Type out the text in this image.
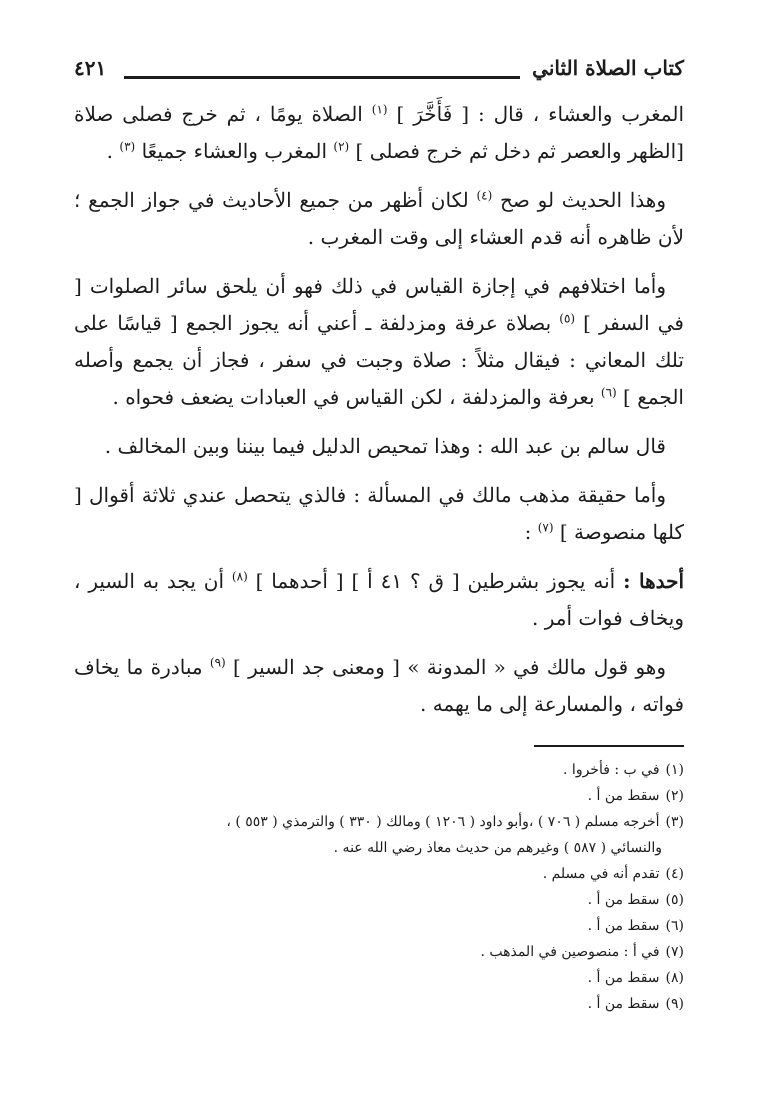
كتاب الصلاة الثاني
٤٢١

المغرب والعشاء ، قال : [ فَأَخَّرَ ] $^{(١)}$ الصلاة يومًا ، ثم خرج فصلى صلاة [الظهر والعصر ثم دخل ثم خرج فصلى ] $^{(٢)}$ المغرب والعشاء جميعًا $^{(٣)}$ .

وهذا الحديث لو صح $^{(٤)}$ لكان أظهر من جميع الأحاديث في جواز الجمع ؛ لأن ظاهره أنه قدم العشاء إلى وقت المغرب .

وأما اختلافهم في إجازة القياس في ذلك فهو أن يلحق سائر الصلوات [ في السفر ] $^{(٥)}$ بصلاة عرفة ومزدلفة ـ أعني أنه يجوز الجمع [ قياسًا على تلك المعاني : فيقال مثلاً : صلاة وجبت في سفر ، فجاز أن يجمع وأصله الجمع ] $^{(٦)}$ بعرفة والمزدلفة ، لكن القياس في العبادات يضعف فحواه .

قال سالم بن عبد الله : وهذا تمحيص الدليل فيما بيننا وبين المخالف .

وأما حقيقة مذهب مالك في المسألة : فالذي يتحصل عندي ثلاثة أقوال [ كلها منصوصة ] $^{(٧)}$ :

أحدها : أنه يجوز بشرطين [ ق ؟ ٤١ أ ] [ أحدهما ] $^{(٨)}$ أن يجد به السير ، ويخاف فوات أمر .

وهو قول مالك في « المدونة » [ ومعنى جد السير ] $^{(٩)}$ مبادرة ما يخاف فواته ، والمسارعة إلى ما يهمه .

(١)في ب : فأخروا .

(٢)سقط من أ .

(٣)أخرجه مسلم ( ٧٠٦ ) ،وأبو داود ( ١٢٠٦ ) ومالك ( ٣٣٠ ) والترمذي ( ٥٥٣ ) ،

والنسائي ( ٥٨٧ ) وغيرهم من حديث معاذ رضي الله عنه .

(٤)تقدم أنه في مسلم .

(٥)سقط من أ .

(٦)سقط من أ .

(٧)في أ : منصوصين في المذهب .

(٨)سقط من أ .

(٩)سقط من أ .
